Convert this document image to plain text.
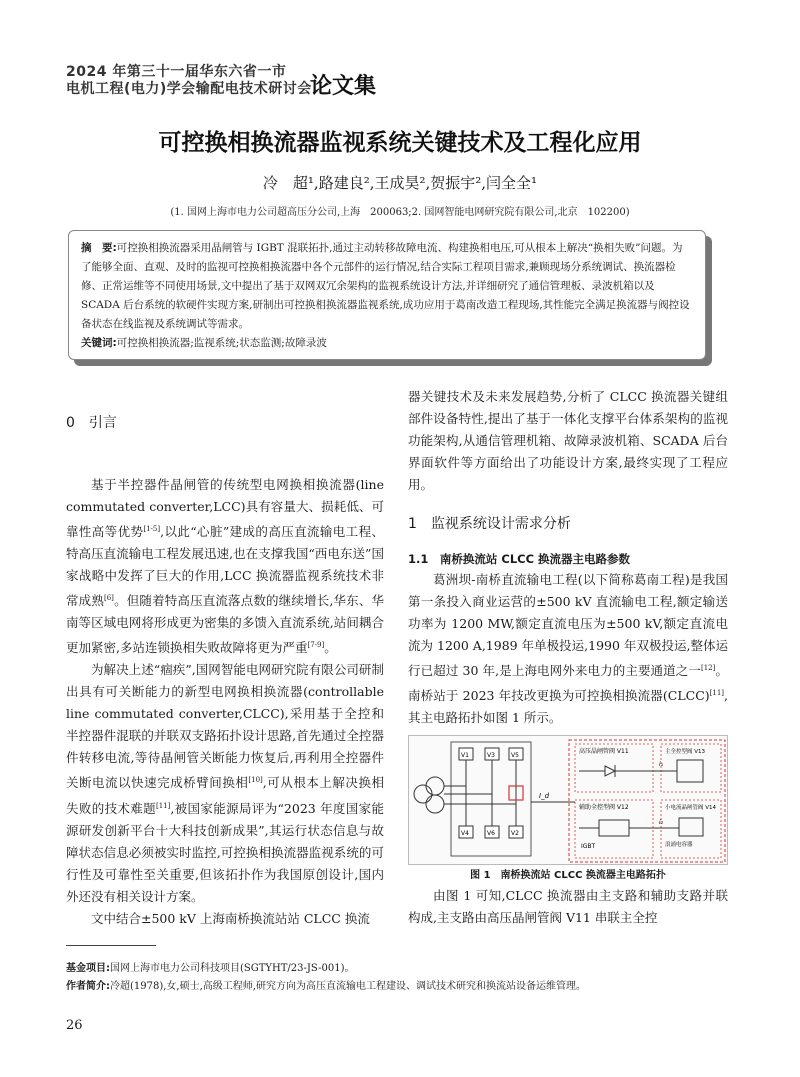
2024 年第三十一届华东六省一市
电机工程(电力)学会输配电技术研讨会
论文集
可控换相换流器监视系统关键技术及工程化应用
冷　超¹,路建良²,王成昊²,贺振宇²,闫全全¹
(1. 国网上海市电力公司超高压分公司,上海　200063;2. 国网智能电网研究院有限公司,北京　102200)

摘　要:可控换相换流器采用晶闸管与 IGBT 混联拓扑,通过主动转移故障电流、构建换相电压,可从根本上解决“换相失败”问题。为了能够全面、直观、及时的监视可控换相换流器中各个元部件的运行情况,结合实际工程项目需求,兼顾现场分系统调试、换流器检修、正常运维等不同使用场景,文中提出了基于双网双冗余架构的监视系统设计方法,并详细研究了通信管理板、录波机箱以及 SCADA 后台系统的软硬件实现方案,研制出可控换相换流器监视系统,成功应用于葛南改造工程现场,其性能完全满足换流器与阀控设备状态在线监视及系统调试等需求。

关键词:可控换相换流器;监视系统;状态监测;故障录波

0　引言

基于半控器件晶闸管的传统型电网换相换流器(line commutated converter,LCC)具有容量大、损耗低、可靠性高等优势[1-5],以此“心脏”建成的高压直流输电工程、特高压直流输电工程发展迅速,也在支撑我国“西电东送”国家战略中发挥了巨大的作用,LCC 换流器监视系统技术非常成熟[6]。但随着特高压直流落点数的继续增长,华东、华南等区域电网将形成更为密集的多馈入直流系统,站间耦合更加紧密,多站连锁换相失败故障将更为严重[7-9]。

为解决上述“痼疾”,国网智能电网研究院有限公司研制出具有可关断能力的新型电网换相换流器(controllable line commutated converter,CLCC),采用基于全控和半控器件混联的并联双支路拓扑设计思路,首先通过全控器件转移电流,等待晶闸管关断能力恢复后,再利用全控器件关断电流以快速完成桥臂间换相[10],可从根本上解决换相失败的技术难题[11],被国家能源局评为“2023 年度国家能源研发创新平台十大科技创新成果”,其运行状态信息与故障状态信息必须被实时监控,可控换相换流器监视系统的可行性及可靠性至关重要,但该拓扑作为我国原创设计,国内外还没有相关设计方案。

文中结合±500 kV 上海南桥换流站站 CLCC 换流

器关键技术及未来发展趋势,分析了 CLCC 换流器关键组部件设备特性,提出了基于一体化支撑平台体系架构的监视功能架构,从通信管理机箱、故障录波机箱、SCADA 后台界面软件等方面给出了功能设计方案,最终实现了工程应用。

1　监视系统设计需求分析
1.1　南桥换流站 CLCC 换流器主电路参数

葛洲坝-南桥直流输电工程(以下简称葛南工程)是我国第一条投入商业运营的±500 kV 直流输电工程,额定输送功率为 1200 MW,额定直流电压为±500 kV,额定直流电流为 1200 A,1989 年单极投运,1990 年双极投运,整体运行已超过 30 年,是上海电网外来电力的主要通道之一[12]。南桥站于 2023 年技改更换为可控换相换流器(CLCC)[11],其主电路拓扑如图 1 所示。

V1	V3	V5
V4	V6	V2
I_d
高压晶闸管阀 V11
i₁
主全控型阀 V13
辅助全控型阀 V12
IGBT
i₂
小电流晶闸管阀 V14
浪涌电容器
图 1　南桥换流站 CLCC 换流器主电路拓扑

由图 1 可知,CLCC 换流器由主支路和辅助支路并联构成,主支路由高压晶闸管阀 V11 串联主全控

基金项目:国网上海市电力公司科技项目(SGTYHT/23-JS-001)。
作者简介:冷超(1978),女,硕士,高级工程师,研究方向为高压直流输电工程建设、调试技术研究和换流站设备运维管理。
26
